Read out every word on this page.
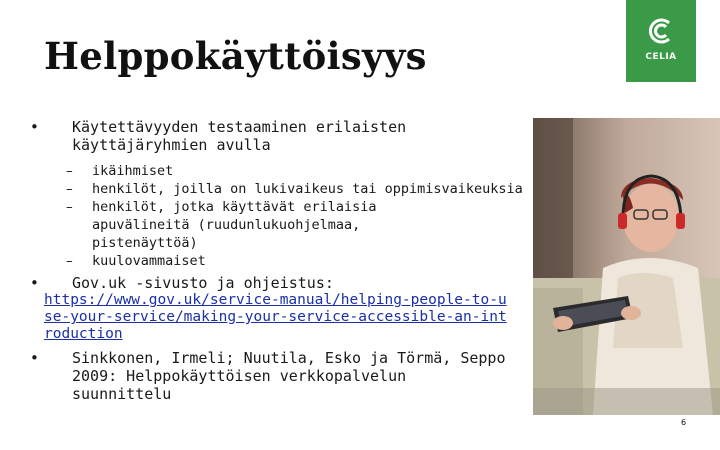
Helppokäyttöisyys	CELIA
• Käytettävyyden testaaminen erilaisten käyttäjäryhmien avulla
– ikäihmiset
– henkilöt, joilla on lukivaikeus tai oppimisvaikeuksia
– henkilöt, jotka käyttävät erilaisia apuvälineitä (ruudunlukuohjelmaa, pistenäyttöä)
– kuulovammaiset
• Gov.uk -sivusto ja ohjeistus:
https://www.gov.uk/service-manual/helping-people-to-use-your-service/making-your-service-accessible-an-introduction
• Sinkkonen, Irmeli; Nuutila, Esko ja Törmä, Seppo 2009: Helppokäyttöisen verkkopalvelun suunnittelu
6
